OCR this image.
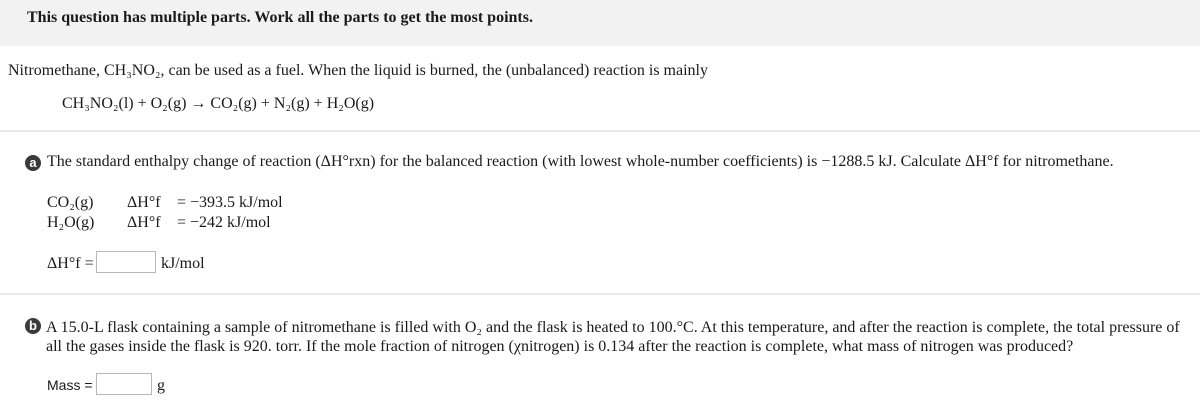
This question has multiple parts. Work all the parts to get the most points.
Nitromethane, CH₃NO₂, can be used as a fuel. When the liquid is burned, the (unbalanced) reaction is mainly
CH₃NO₂(l) + O₂(g) → CO₂(g) + N₂(g) + H₂O(g)
a The standard enthalpy change of reaction (ΔH°rxn) for the balanced reaction (with lowest whole-number coefficients) is −1288.5 kJ. Calculate ΔH°f for nitromethane.
CO₂(g) ΔH°f = −393.5 kJ/mol
H₂O(g) ΔH°f = −242 kJ/mol
ΔH°f =	kJ/mol
b A 15.0-L flask containing a sample of nitromethane is filled with O₂ and the flask is heated to 100.°C. At this temperature, and after the reaction is complete, the total pressure of all the gases inside the flask is 920. torr. If the mole fraction of nitrogen (χnitrogen) is 0.134 after the reaction is complete, what mass of nitrogen was produced?
Mass =	g
